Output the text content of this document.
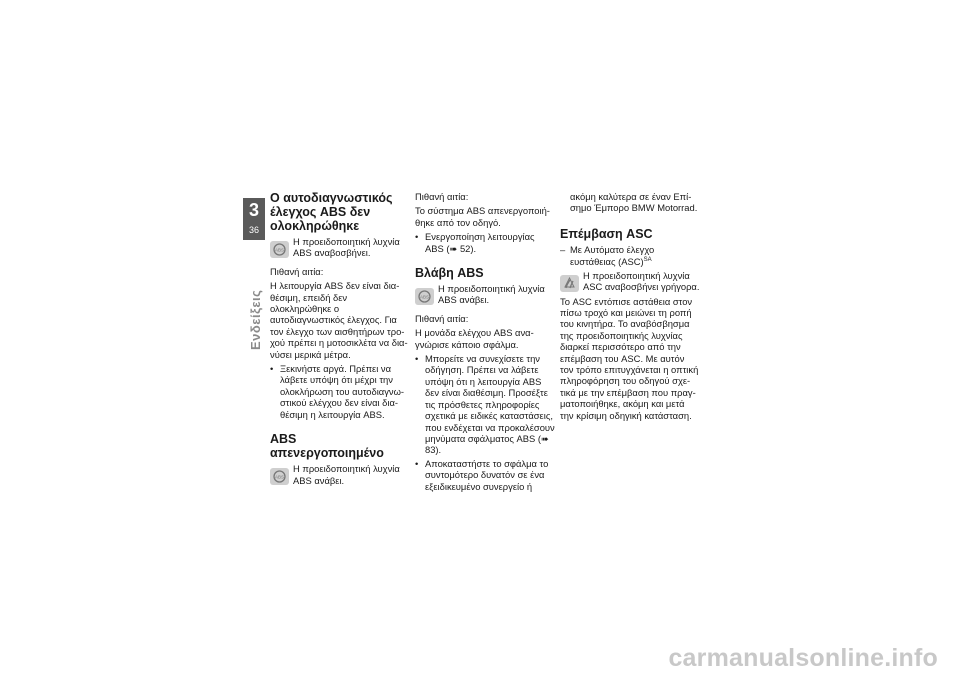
3
36
Ενδείξεις
Ο αυτοδιαγνωστικός έλεγχος ABS δεν ολοκληρώθηκε
ABS
Η προειδοποιητική λυχνία ABS αναβοσβήνει.
Πιθανή αιτία:
Η λειτουργία ABS δεν είναι δια-θέσιμη, επειδή δεν ολοκληρώθηκε ο αυτοδιαγνωστικός έλεγχος. Για τον έλεγχο των αισθητήρων τρο-χού πρέπει η μοτοσικλέτα να δια-νύσει μερικά μέτρα.
• Ξεκινήστε αργά. Πρέπει να λάβετε υπόψη ότι μέχρι την ολοκλήρωση του αυτοδιαγνω-στικού ελέγχου δεν είναι δια-θέσιμη η λειτουργία ABS.
ABS απενεργοποιημένο
ABS
Η προειδοποιητική λυχνία ABS ανάβει.
Πιθανή αιτία:
Το σύστημα ABS απενεργοποιή-θηκε από τον οδηγό.
• Ενεργοποίηση λειτουργίας ABS (➠ 52).
Βλάβη ABS
ABS
Η προειδοποιητική λυχνία ABS ανάβει.
Πιθανή αιτία:
Η μονάδα ελέγχου ABS ανα-γνώρισε κάποιο σφάλμα.
• Μπορείτε να συνεχίσετε την οδήγηση. Πρέπει να λάβετε υπόψη ότι η λειτουργία ABS δεν είναι διαθέσιμη. Προσέξτε τις πρόσθετες πληροφορίες σχετικά με ειδικές καταστάσεις, που ενδέχεται να προκαλέσουν μηνύματα σφάλματος ABS (➠ 83).
• Αποκαταστήστε το σφάλμα το συντομότερο δυνατόν σε ένα εξειδικευμένο συνεργείο ή
ακόμη καλύτερα σε έναν Επί-σημο Έμπορο BMW Motorrad.
Επέμβαση ASC
– Με Αυτόματο έλεγχο ευστάθειας (ASC)$^{SA}$
Η προειδοποιητική λυχνία ASC αναβοσβήνει γρήγορα.
Το ASC εντόπισε αστάθεια στον πίσω τροχό και μειώνει τη ροπή του κινητήρα. Το αναβόσβησμα της προειδοποιητικής λυχνίας διαρκεί περισσότερο από την επέμβαση του ASC. Με αυτόν τον τρόπο επιτυγχάνεται η οπτική πληροφόρηση του οδηγού σχε-τικά με την επέμβαση που πραγ-ματοποιήθηκε, ακόμη και μετά την κρίσιμη οδηγική κατάσταση.
carmanualsonline.info
